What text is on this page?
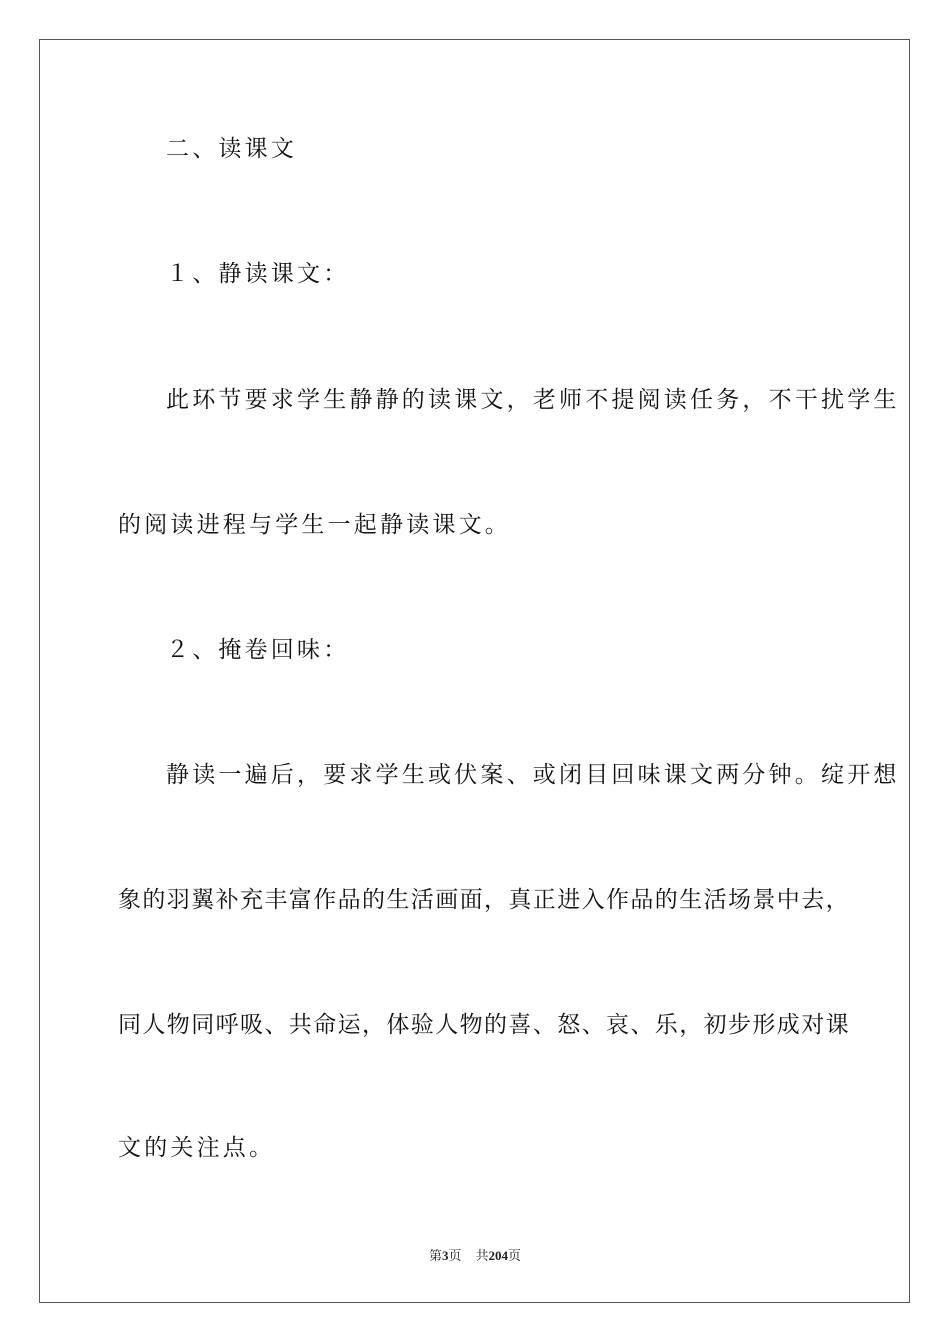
二、读课文
１、静读课文：
此环节要求学生静静的读课文，老师不提阅读任务，不干扰学生
的阅读进程与学生一起静读课文。
２、掩卷回味：
静读一遍后，要求学生或伏案、或闭目回味课文两分钟。绽开想
象的羽翼补充丰富作品的生活画面，真正进入作品的生活场景中去，
同人物同呼吸、共命运，体验人物的喜、怒、哀、乐，初步形成对课
文的关注点。
第3页 共204页
